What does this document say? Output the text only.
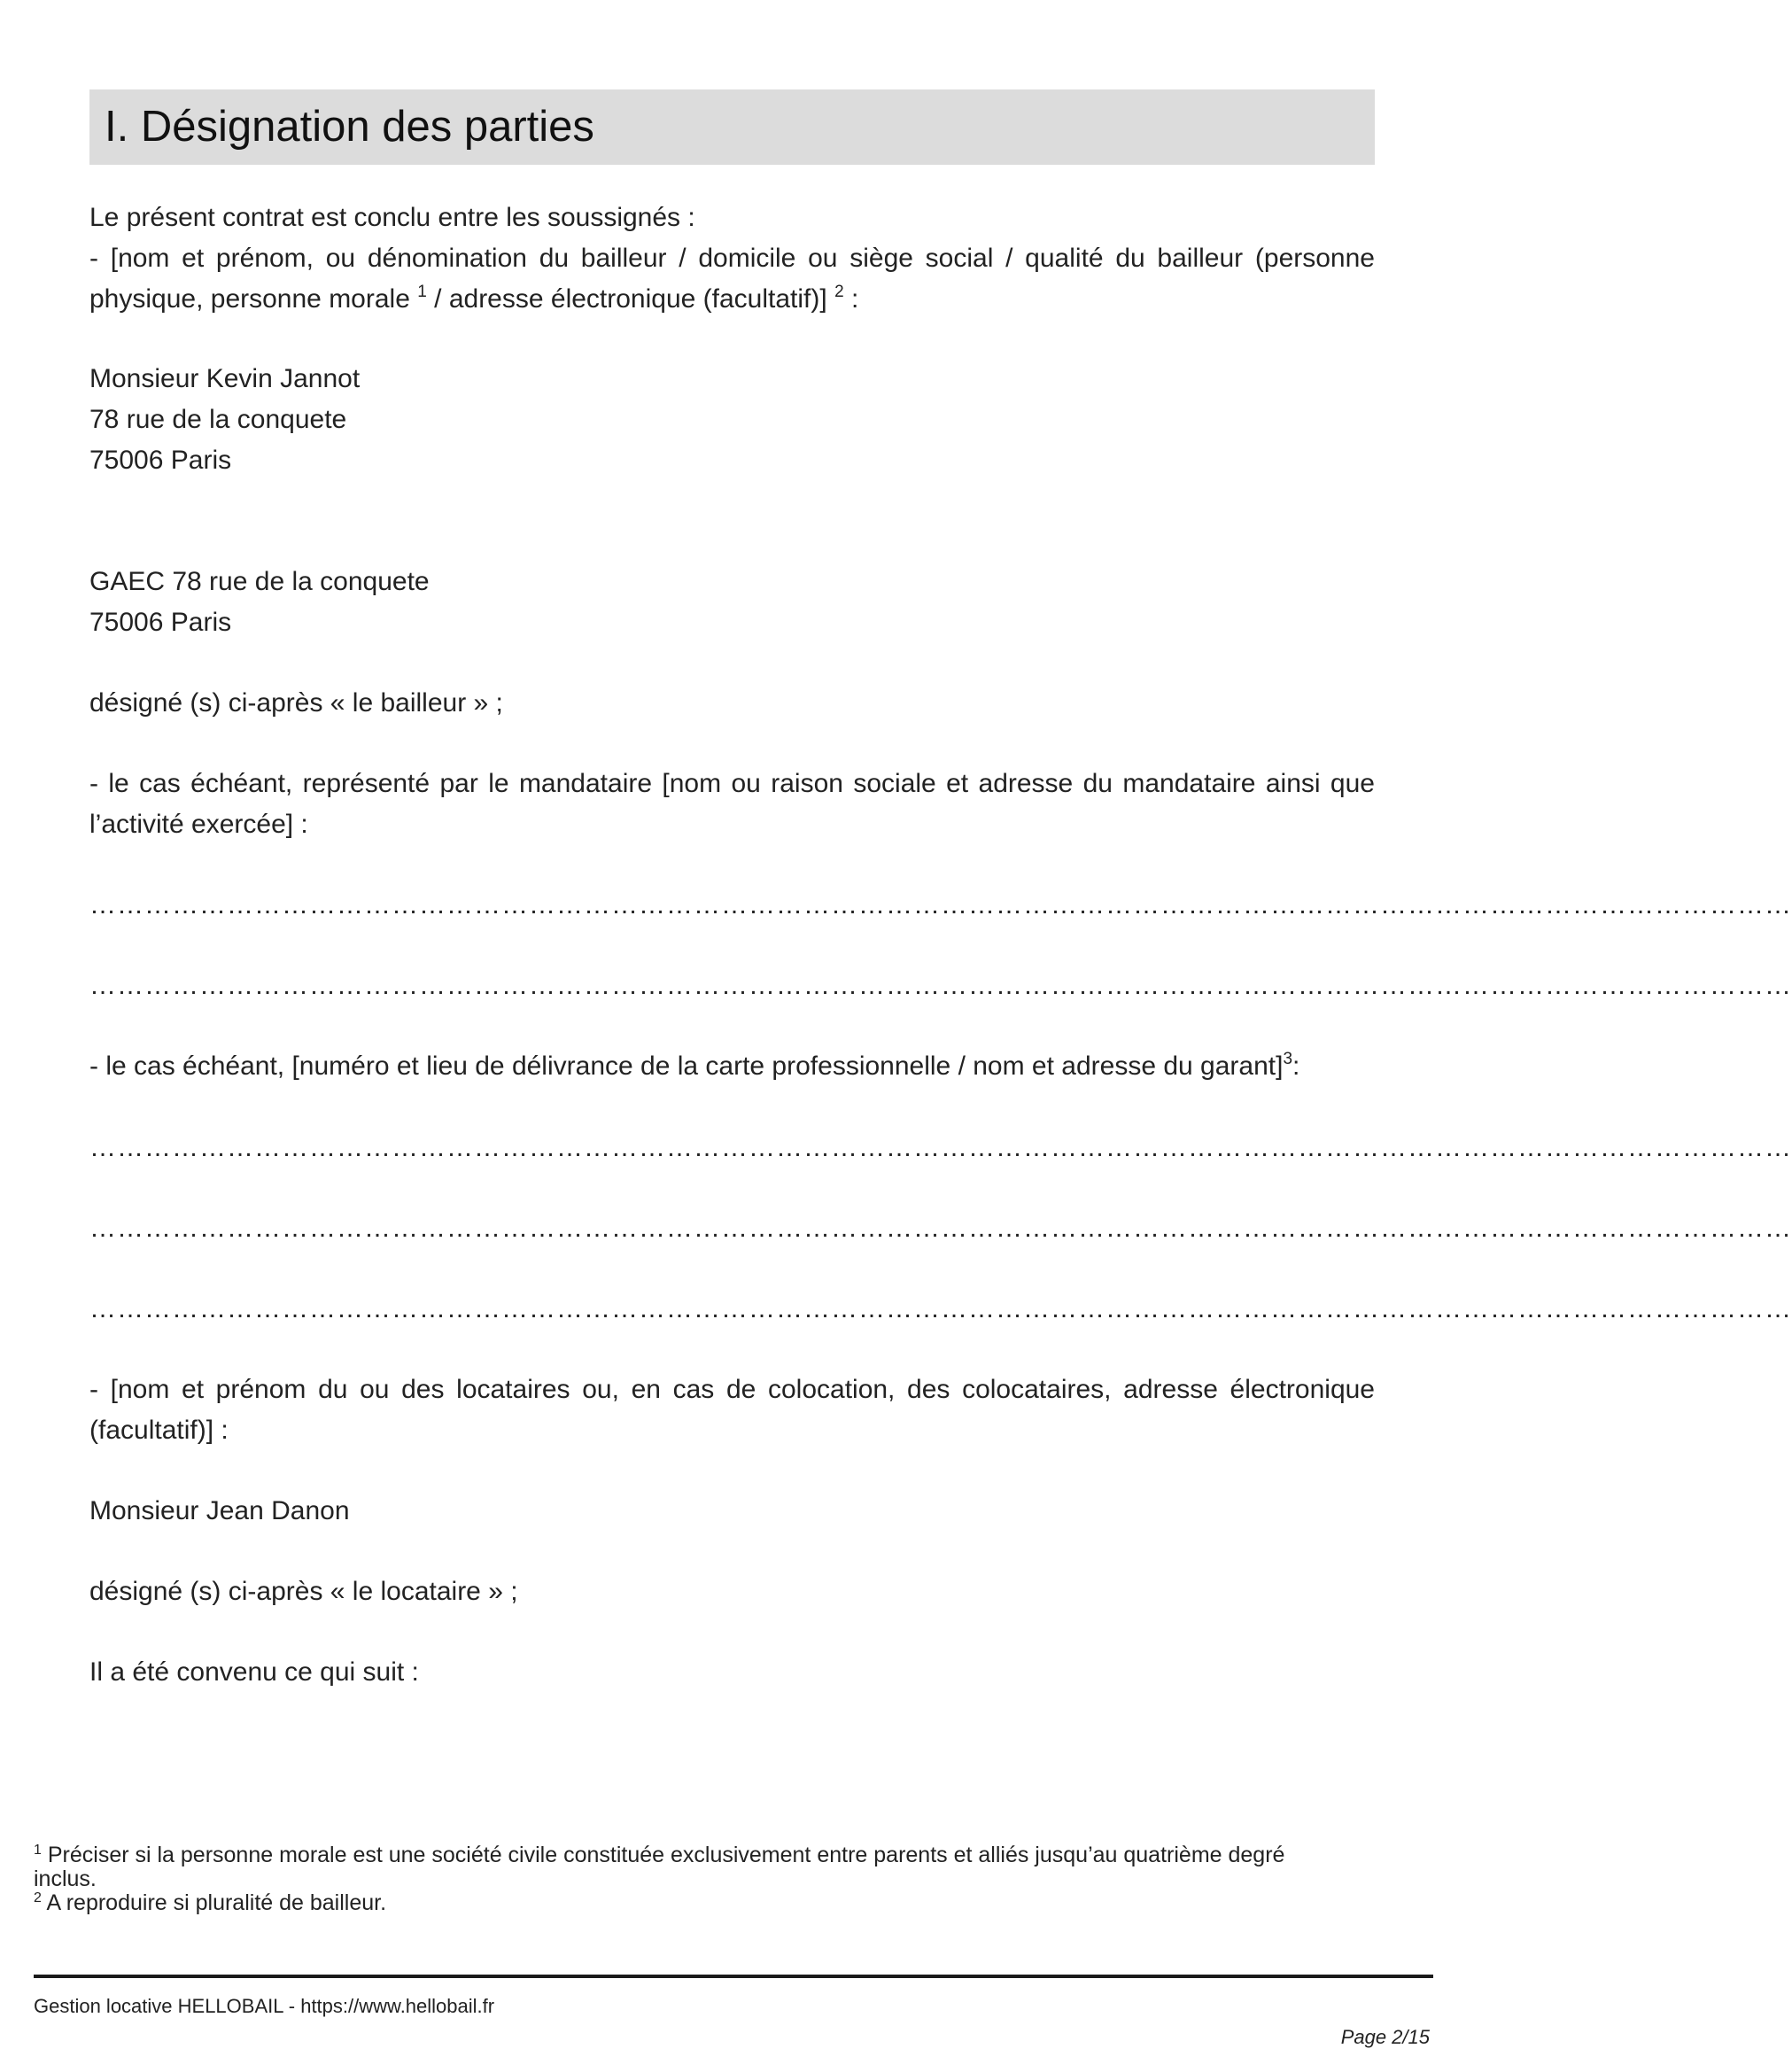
I. Désignation des parties
Le présent contrat est conclu entre les soussignés :
- [nom et prénom, ou dénomination du bailleur / domicile ou siège social / qualité du bailleur (personne
physique, personne morale $^1$ / adresse électronique (facultatif)] $^2$ :
Monsieur Kevin Jannot
78 rue de la conquete
75006 Paris
GAEC 78 rue de la conquete
75006 Paris
désigné (s) ci-après « le bailleur » ;
- le cas échéant, représenté par le mandataire [nom ou raison sociale et adresse du mandataire ainsi que
l’activité exercée] :
……………………………………………………………………………………………………………………………………………………………………
……………………………………………………………………………………………………………………………………………………………………
- le cas échéant, [numéro et lieu de délivrance de la carte professionnelle / nom et adresse du garant]$^3$:
……………………………………………………………………………………………………………………………………………………………………
……………………………………………………………………………………………………………………………………………………………………
……………………………………………………………………………………………………………………………………………………………………
- [nom et prénom du ou des locataires ou, en cas de colocation, des colocataires, adresse électronique
(facultatif)] :
Monsieur Jean Danon
désigné (s) ci-après « le locataire » ;
Il a été convenu ce qui suit :
$^1$ Préciser si la personne morale est une société civile constituée exclusivement entre parents et alliés jusqu’au quatrième degré
inclus.
$^2$ A reproduire si pluralité de bailleur.
Gestion locative HELLOBAIL - https://www.hellobail.fr
Page 2/15
